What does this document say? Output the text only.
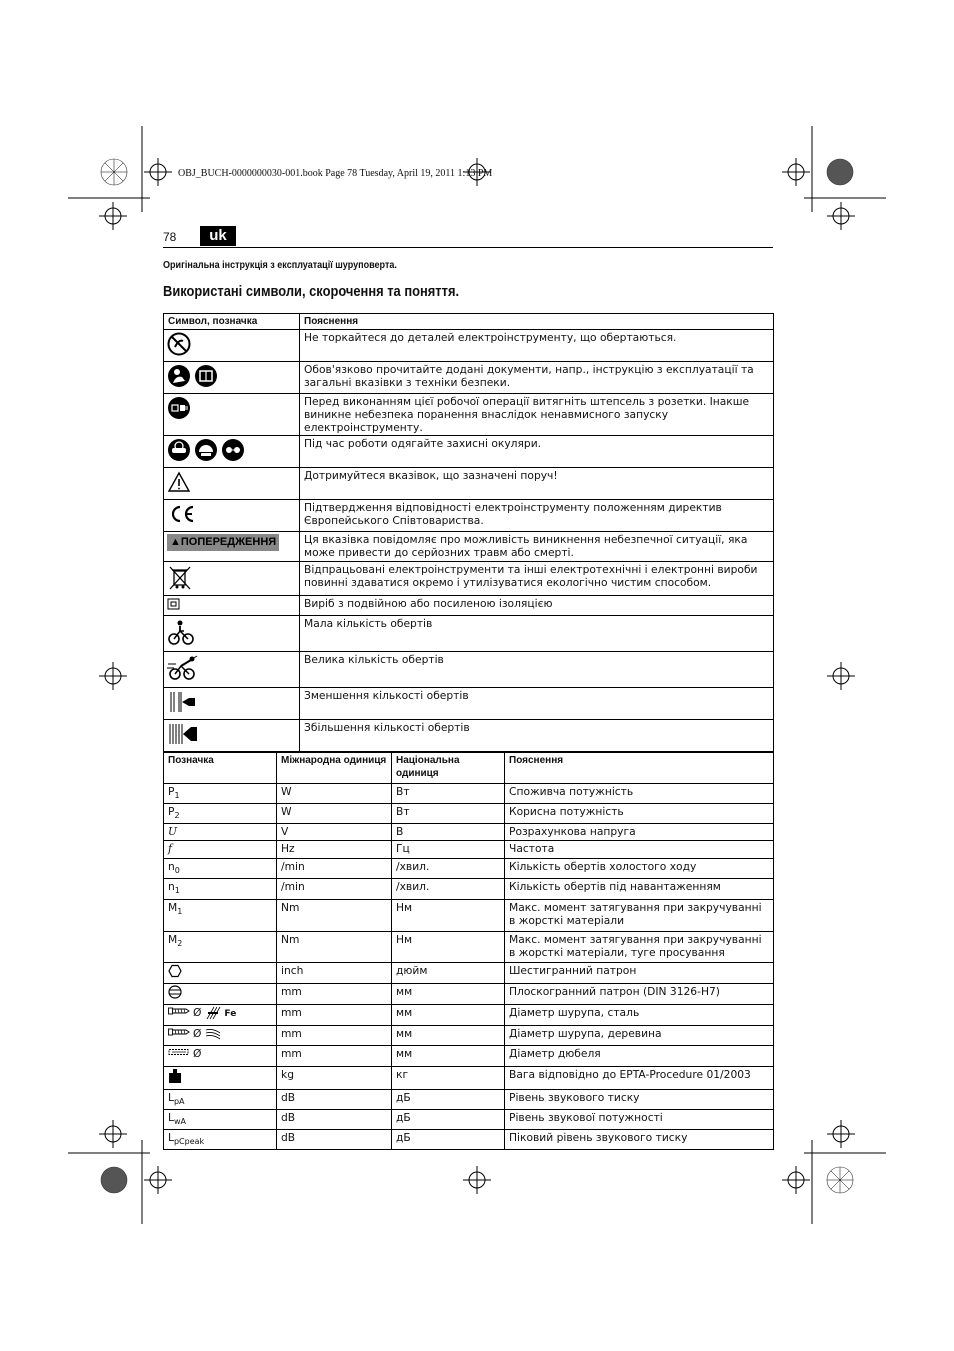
OBJ_BUCH-0000000030-001.book Page 78 Tuesday, April 19, 2011 1:13 PM
78	uk
Оригінальна інструкція з експлуатації шуруповерта.
Використані символи, скорочення та поняття.
Символ, позначка	Пояснення
	Не торкайтеся до деталей електроінструменту, що обертаються.
	Обов'язково прочитайте додані документи, напр., інструкцію з експлуатації та загальні вказівки з техніки безпеки.
	Перед виконанням цієї робочої операції витягніть штепсель з розетки. Інакше виникне небезпека поранення внаслідок ненавмисного запуску електроінструменту.
	Під час роботи одягайте захисні окуляри.
	Дотримуйтеся вказівок, що зазначені поруч!
	Підтвердження відповідності електроінструменту положенням директив Європейського Співтовариства.
▲ПОПЕРЕДЖЕННЯ	Ця вказівка повідомляє про можливість виникнення небезпечної ситуації, яка може привести до серйозних травм або смерті.
	Відпрацьовані електроінструменти та інші електротехнічні і електронні вироби повинні здаватися окремо і утилізуватися екологічно чистим способом.
	Виріб з подвійною або посиленою ізоляцією
	Мала кількість обертів
	Велика кількість обертів
	Зменшення кількості обертів
	Збільшення кількості обертів
Позначка	Міжнародна одиниця	Національна одиниця	Пояснення
$P_1$	W	Вт	Споживча потужність
$P_2$	W	Вт	Корисна потужність
U	V	В	Розрахункова напруга
f	Hz	Гц	Частота
$n_0$	/min	/хвил.	Кількість обертів холостого ходу
$n_1$	/min	/хвил.	Кількість обертів під навантаженням
$M_1$	Nm	Нм	Макс. момент затягування при закручуванні в жорсткі матеріали
$M_2$	Nm	Нм	Макс. момент затягування при закручуванні в жорсткі матеріали, туге просування
	inch	дюйм	Шестигранний патрон
	mm	мм	Плоскогранний патрон (DIN 3126-H7)
Ø Fe	mm	мм	Діаметр шурупа, сталь
Ø	mm	мм	Діаметр шурупа, деревина
Ø	mm	мм	Діаметр дюбеля
	kg	кг	Вага відповідно до EPTA-Procedure 01/2003
$L_{pA}$	dB	дБ	Рівень звукового тиску
$L_{wA}$	dB	дБ	Рівень звукової потужності
$L_{pCpeak}$	dB	дБ	Піковий рівень звукового тиску
